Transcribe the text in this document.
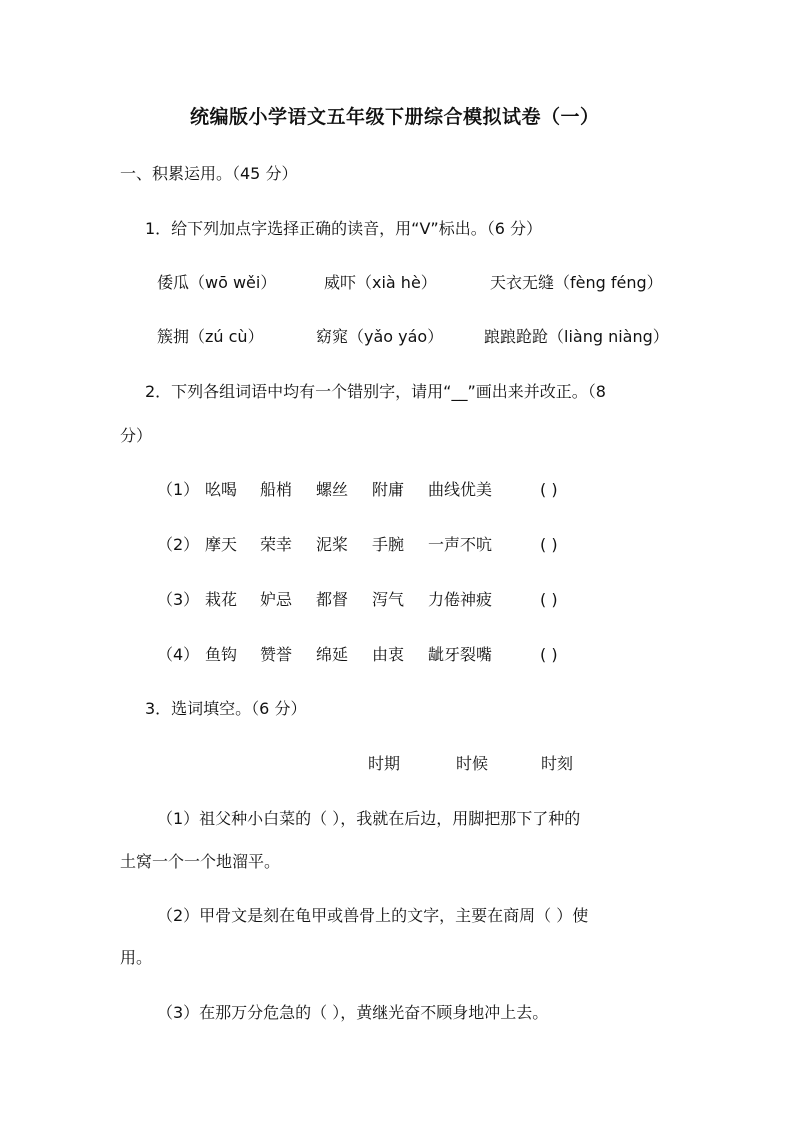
统编版小学语文五年级下册综合模拟试卷（一）
一、积累运用。（45 分）
1．给下列加点字选择正确的读音，用“V”标出。（6 分）
倭瓜（wō wěi）	威吓（xià hè）	天衣无缝（fèng féng）
簇拥（zú cù）	窈窕（yǎo yáo）	踉踉跄跄（liàng niàng）
2．下列各组词语中均有一个错别字，请用“__”画出来并改正。（8
分）
（1） 吆喝 船梢 螺丝 附庸 曲线优美	( )
（2） 摩天 荣幸 泥桨 手腕 一声不吭	( )
（3） 栽花 妒忌 都督 泻气 力倦神疲	( )
（4） 鱼钩 赞誉 绵延 由衷 龇牙裂嘴	( )
3．选词填空。（6 分）
时期	时候	时刻
（1）祖父种小白菜的（ ），我就在后边，用脚把那下了种的
土窝一个一个地溜平。
（2）甲骨文是刻在龟甲或兽骨上的文字，主要在商周（ ）使
用。
（3）在那万分危急的（ ），黄继光奋不顾身地冲上去。
